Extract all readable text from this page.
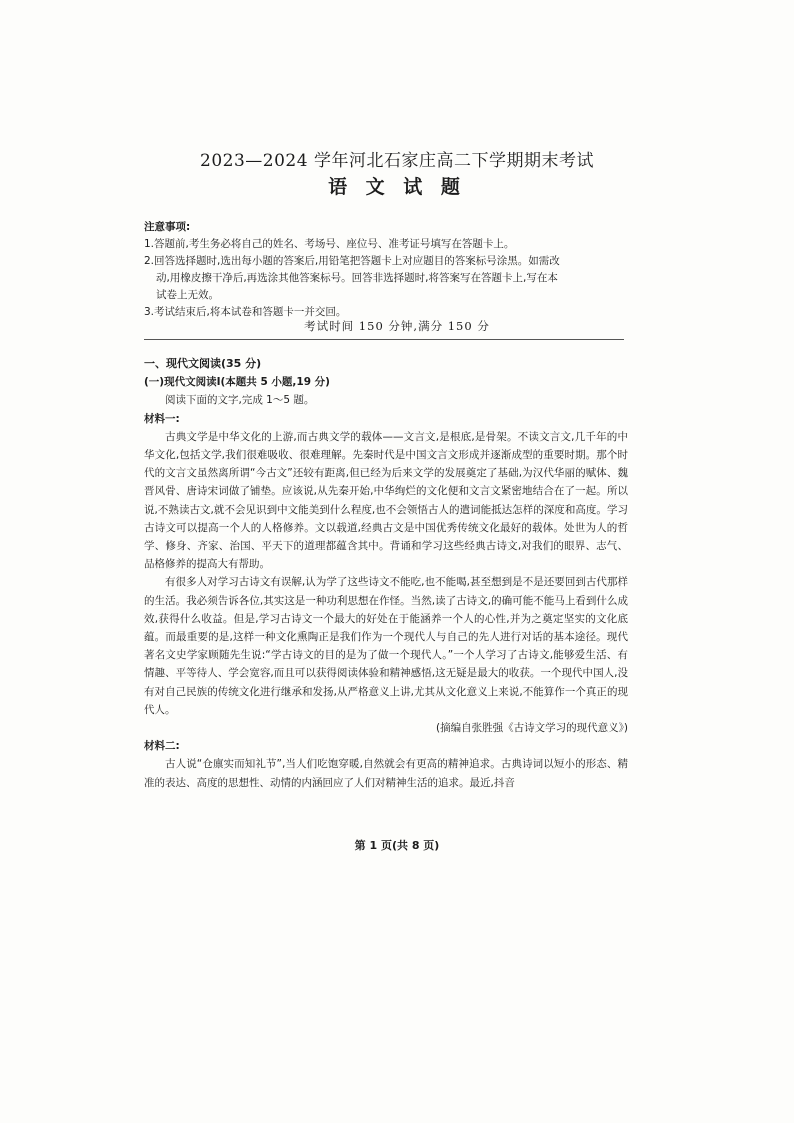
2023—2024 学年河北石家庄高二下学期期末考试
语 文 试 题

注意事项:

1.答题前,考生务必将自己的姓名、考场号、座位号、准考证号填写在答题卡上。

2.回答选择题时,选出每小题的答案后,用铅笔把答题卡上对应题目的答案标号涂黑。如需改

动,用橡皮擦干净后,再选涂其他答案标号。回答非选择题时,将答案写在答题卡上,写在本

试卷上无效。

3.考试结束后,将本试卷和答题卡一并交回。

考试时间 150 分钟,满分 150 分

一、现代文阅读(35 分)

(一)现代文阅读Ⅰ(本题共 5 小题,19 分)

阅读下面的文字,完成 1～5 题。

材料一:

古典文学是中华文化的上游,而古典文学的载体——文言文,是根底,是骨架。不读文言文,几千年的中华文化,包括文学,我们很难吸收、很难理解。先秦时代是中国文言文形成并逐渐成型的重要时期。那个时代的文言文虽然离所谓“今古文”还较有距离,但已经为后来文学的发展奠定了基础,为汉代华丽的赋体、魏晋风骨、唐诗宋词做了铺垫。应该说,从先秦开始,中华绚烂的文化便和文言文紧密地结合在了一起。所以说,不熟读古文,就不会见识到中文能美到什么程度,也不会领悟古人的遣词能抵达怎样的深度和高度。学习古诗文可以提高一个人的人格修养。文以载道,经典古文是中国优秀传统文化最好的载体。处世为人的哲学、修身、齐家、治国、平天下的道理都蕴含其中。背诵和学习这些经典古诗文,对我们的眼界、志气、品格修养的提高大有帮助。

有很多人对学习古诗文有误解,认为学了这些诗文不能吃,也不能喝,甚至想到是不是还要回到古代那样的生活。我必须告诉各位,其实这是一种功利思想在作怪。当然,读了古诗文,的确可能不能马上看到什么成效,获得什么收益。但是,学习古诗文一个最大的好处在于能涵养一个人的心性,并为之奠定坚实的文化底蕴。而最重要的是,这样一种文化熏陶正是我们作为一个现代人与自己的先人进行对话的基本途径。现代著名文史学家顾随先生说:“学古诗文的目的是为了做一个现代人。”一个人学习了古诗文,能够爱生活、有情趣、平等待人、学会宽容,而且可以获得阅读体验和精神感悟,这无疑是最大的收获。一个现代中国人,没有对自己民族的传统文化进行继承和发扬,从严格意义上讲,尤其从文化意义上来说,不能算作一个真正的现代人。

(摘编自张胜强《古诗文学习的现代意义》)

材料二:

古人说“仓廪实而知礼节”,当人们吃饱穿暖,自然就会有更高的精神追求。古典诗词以短小的形态、精准的表达、高度的思想性、动情的内涵回应了人们对精神生活的追求。最近,抖音

第 1 页(共 8 页)
